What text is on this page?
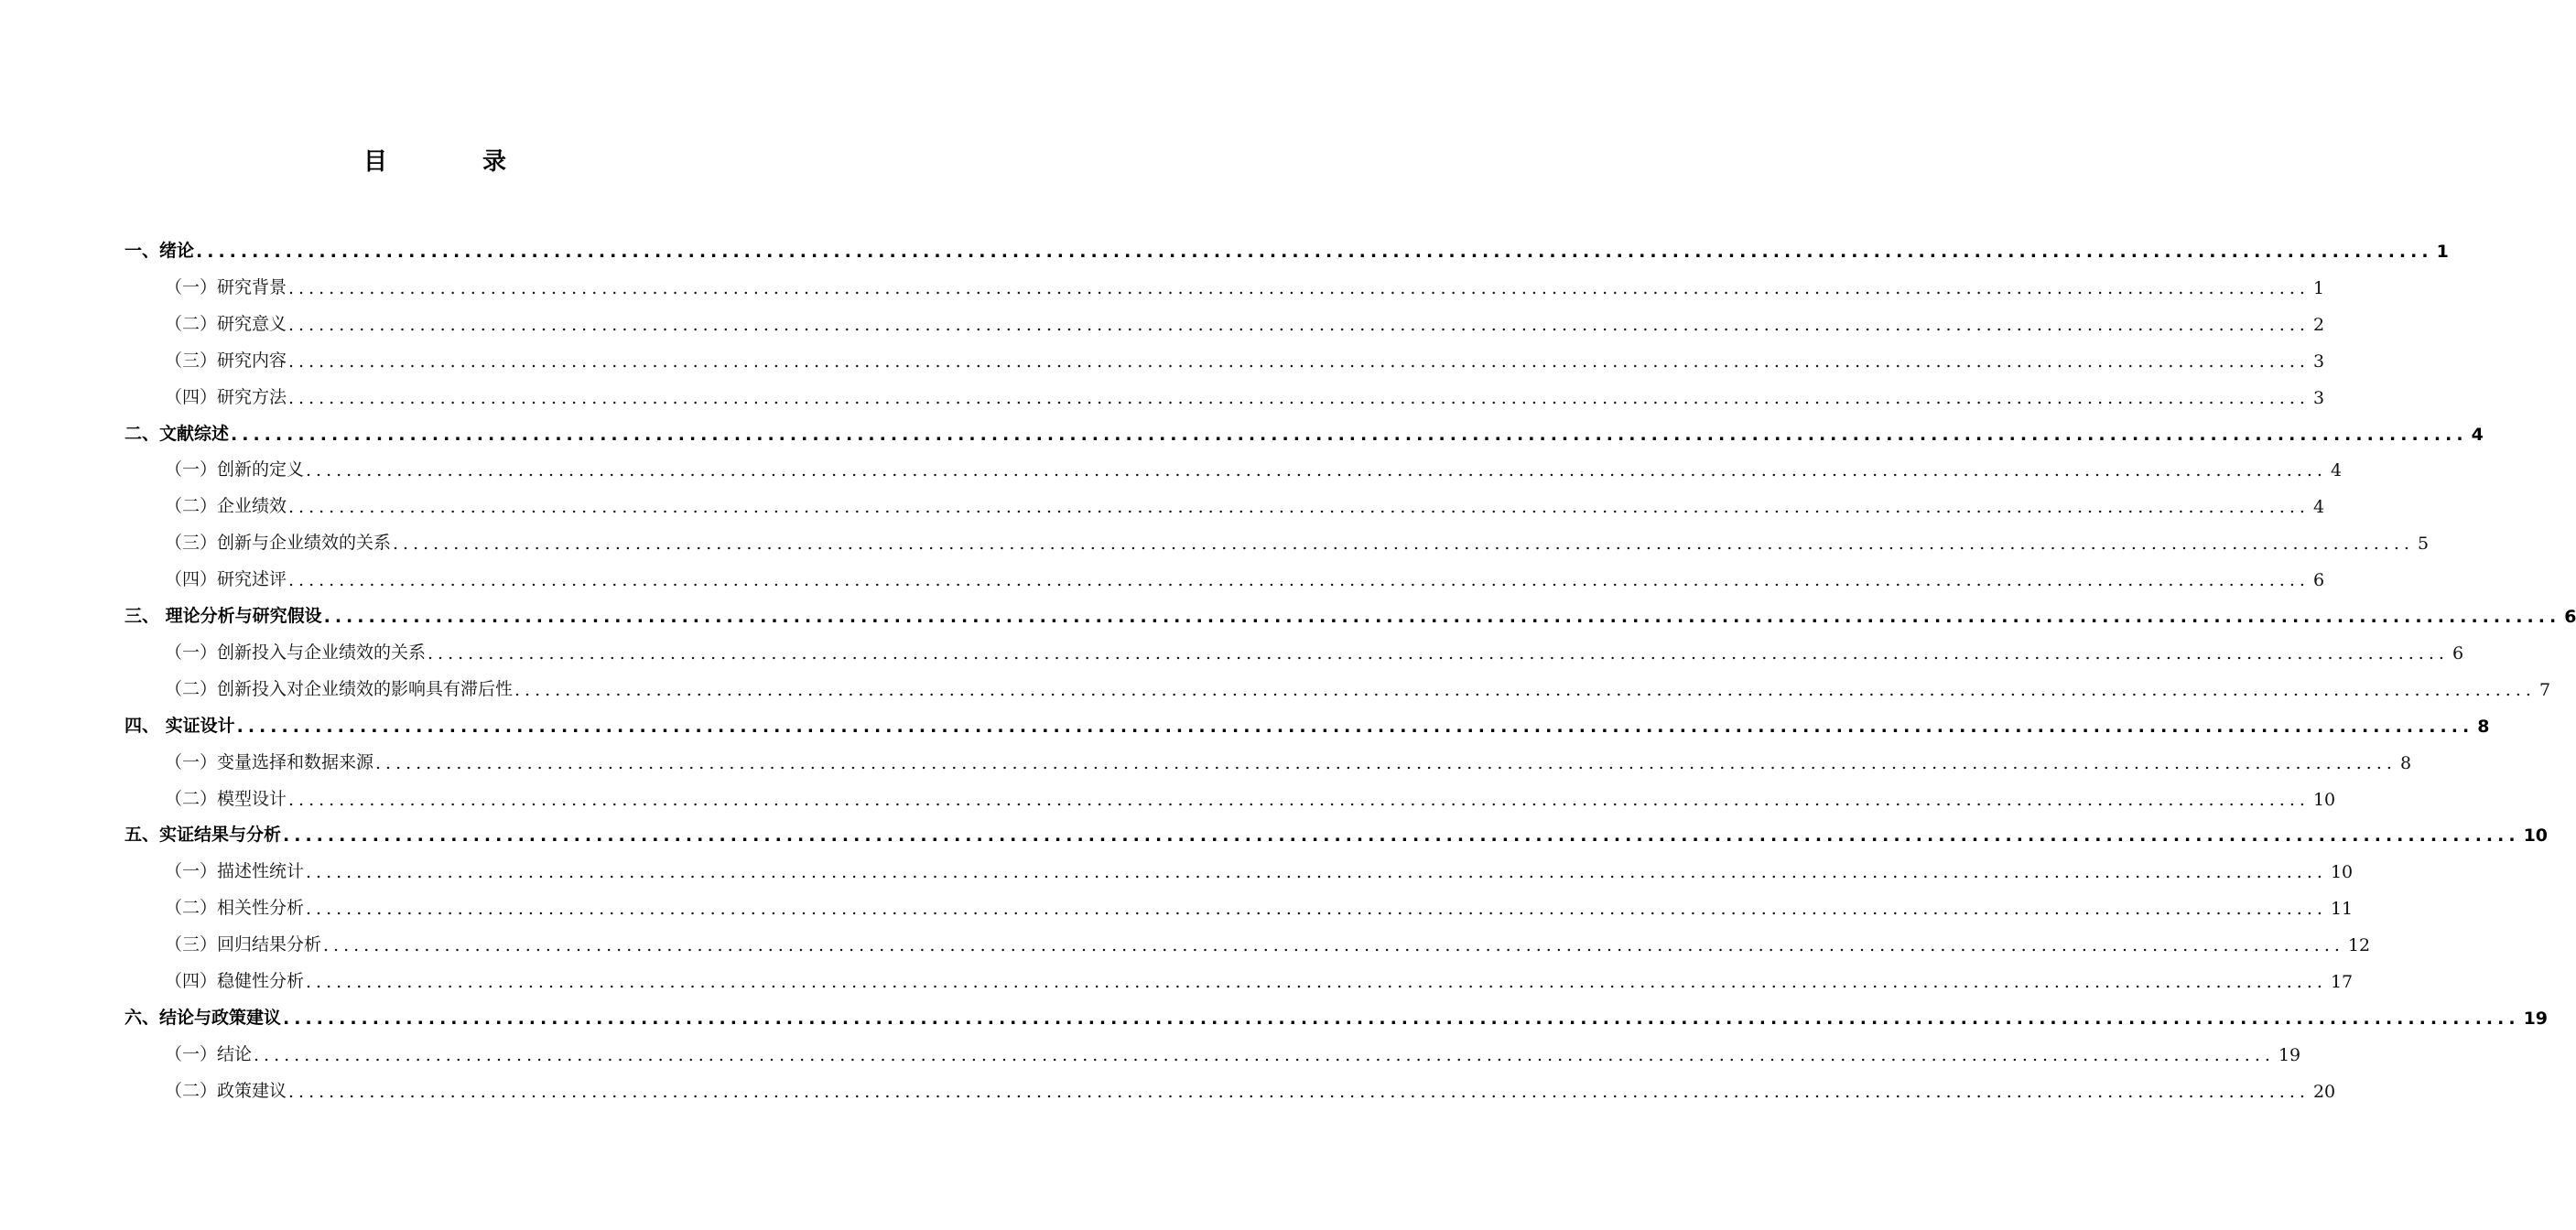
目	录
一、绪论 ........................................................................................................................................................................................................ 1
（一）研究背景 ........................................................................................................................................................................................................ 1
（二）研究意义 ........................................................................................................................................................................................................ 2
（三）研究内容 ........................................................................................................................................................................................................ 3
（四）研究方法 ........................................................................................................................................................................................................ 3
二、文献综述 ........................................................................................................................................................................................................ 4
（一）创新的定义 ........................................................................................................................................................................................................ 4
（二）企业绩效 ........................................................................................................................................................................................................ 4
（三）创新与企业绩效的关系 ........................................................................................................................................................................................................ 5
（四）研究述评 ........................................................................................................................................................................................................ 6
三、 理论分析与研究假设 ........................................................................................................................................................................................................ 6
（一）创新投入与企业绩效的关系 ........................................................................................................................................................................................................ 6
（二）创新投入对企业绩效的影响具有滞后性 ........................................................................................................................................................................................................ 7
四、 实证设计 ........................................................................................................................................................................................................ 8
（一）变量选择和数据来源 ........................................................................................................................................................................................................ 8
（二）模型设计 ........................................................................................................................................................................................................ 10
五、实证结果与分析 ........................................................................................................................................................................................................ 10
（一）描述性统计 ........................................................................................................................................................................................................ 10
（二）相关性分析 ........................................................................................................................................................................................................ 11
（三）回归结果分析 ........................................................................................................................................................................................................ 12
（四）稳健性分析 ........................................................................................................................................................................................................ 17
六、结论与政策建议 ........................................................................................................................................................................................................ 19
（一）结论 ........................................................................................................................................................................................................ 19
（二）政策建议 ........................................................................................................................................................................................................ 20
